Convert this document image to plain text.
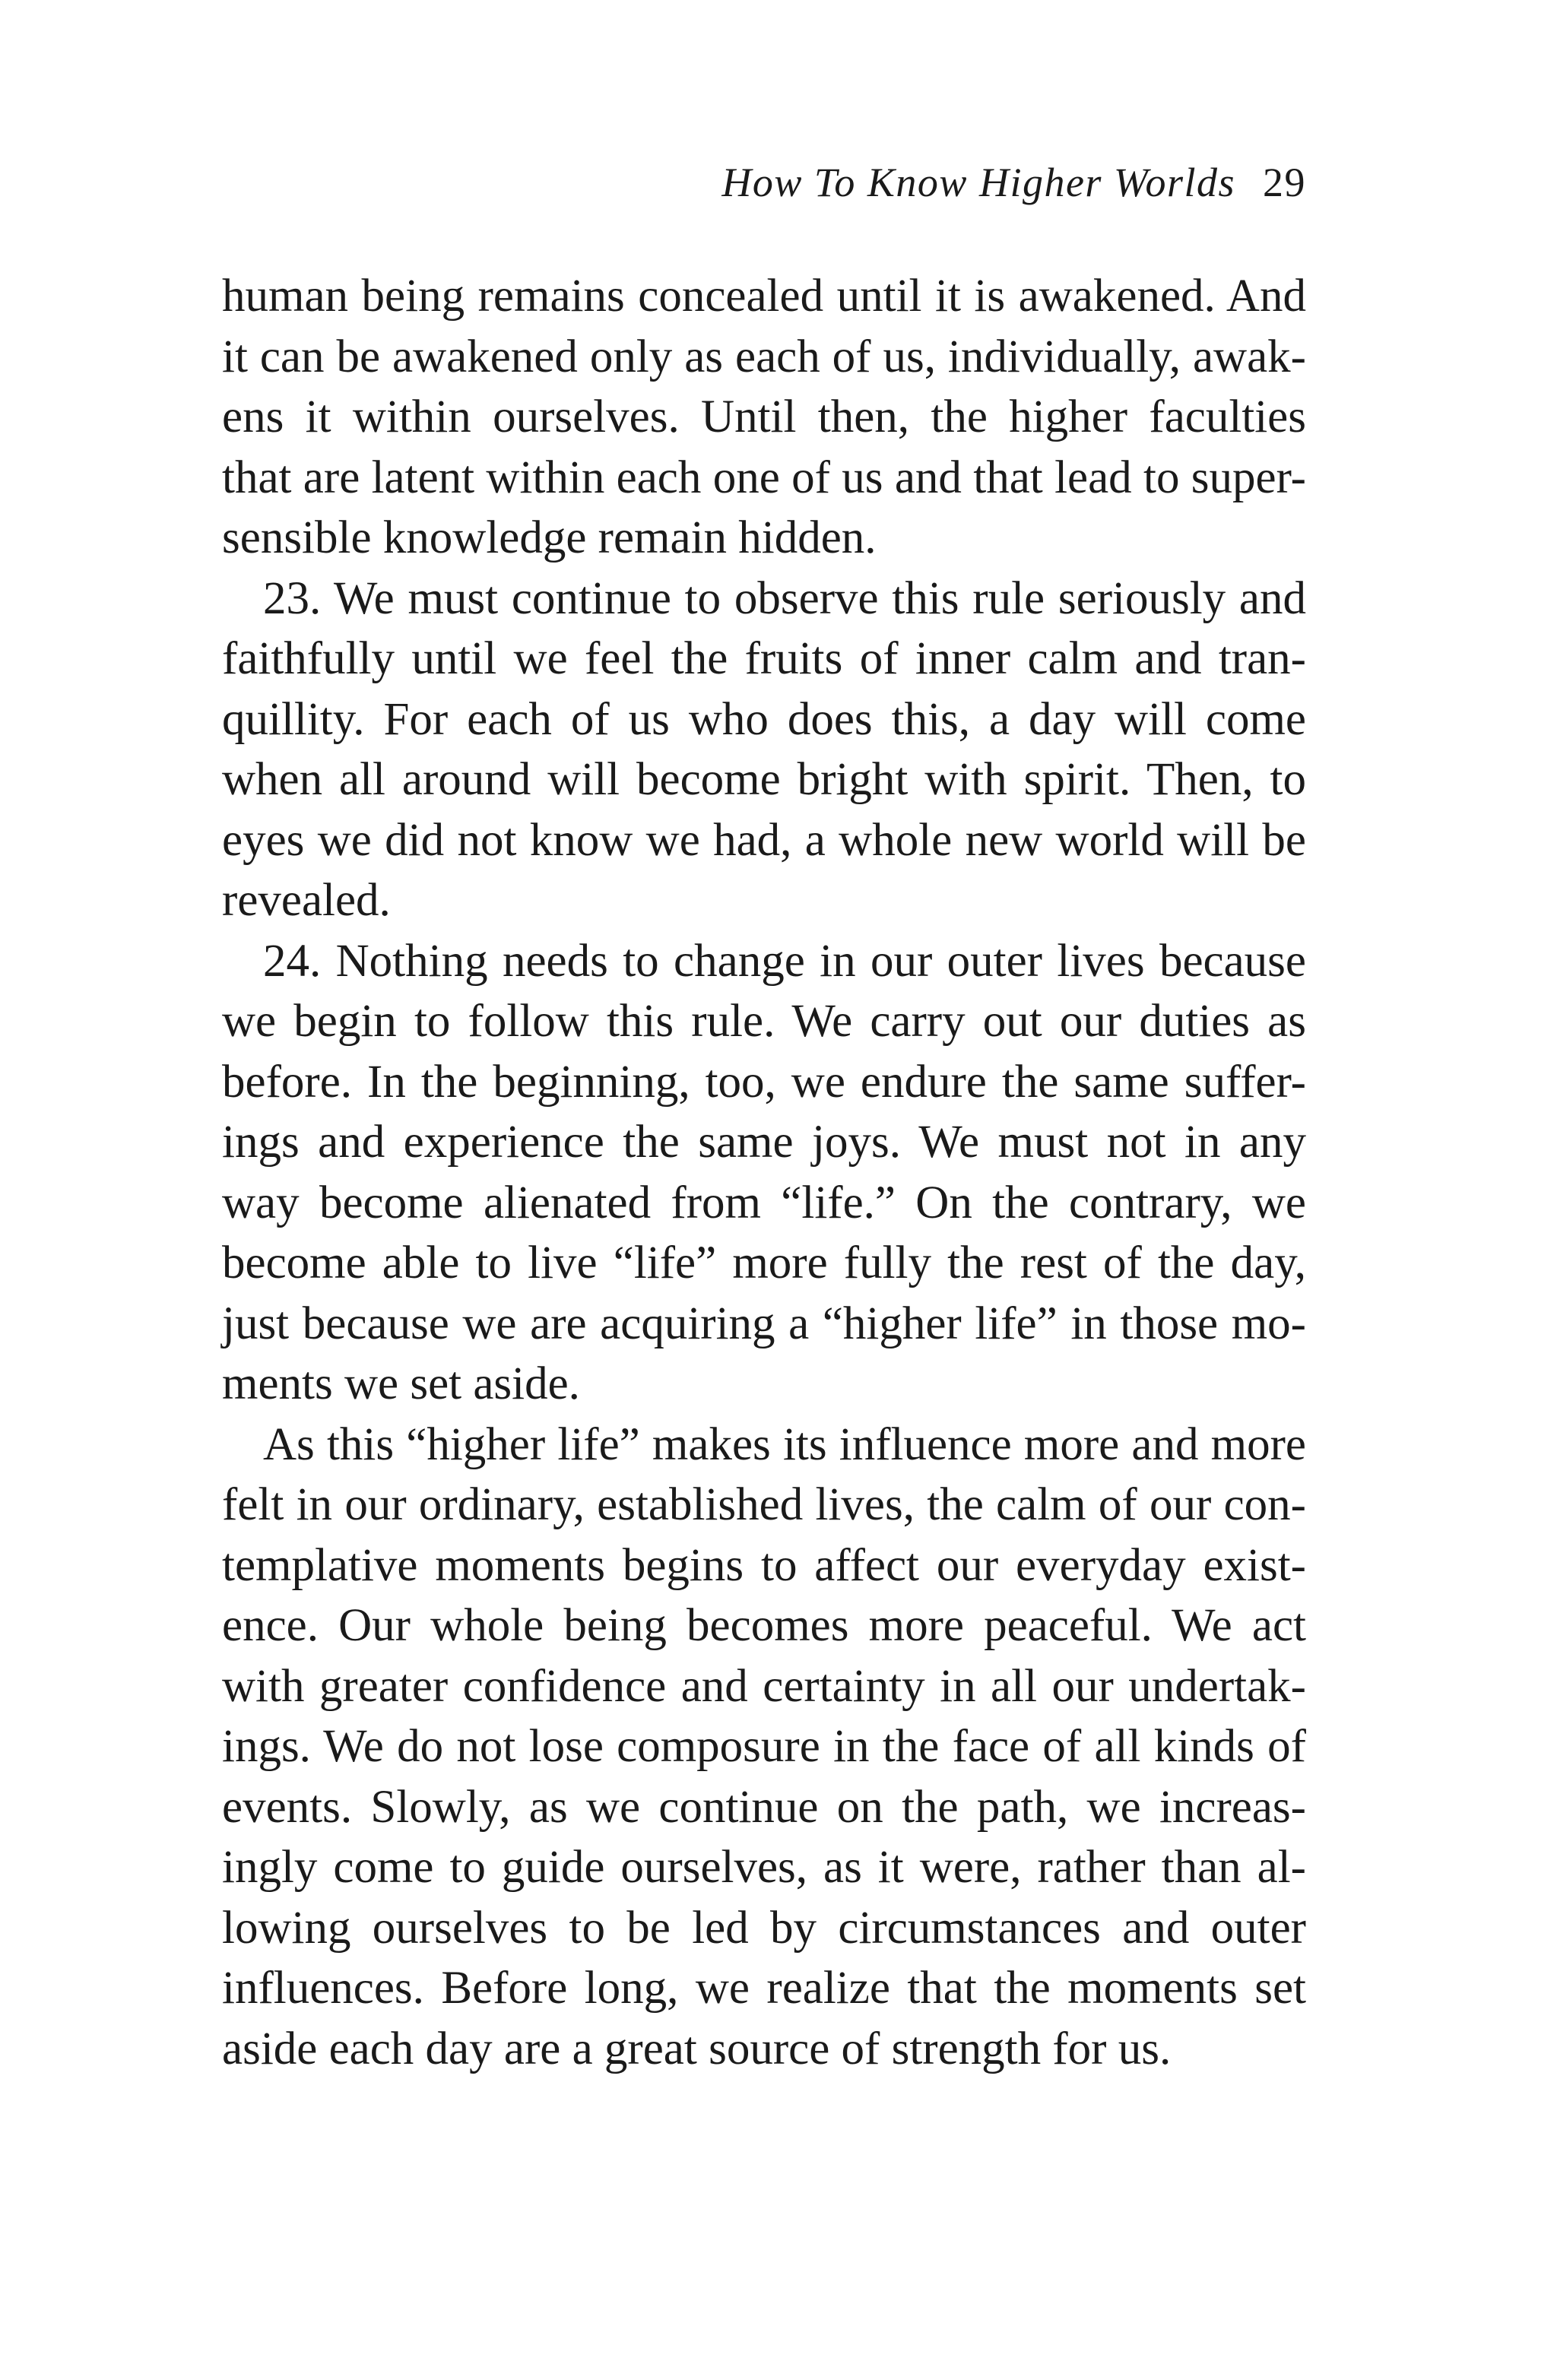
How To Know Higher Worlds 29
human being remains concealed until it is awakened. And
it can be awakened only as each of us, individually, awak-
ens it within ourselves. Until then, the higher faculties
that are latent within each one of us and that lead to super-
sensible knowledge remain hidden.
23. We must continue to observe this rule seriously and
faithfully until we feel the fruits of inner calm and tran-
quillity. For each of us who does this, a day will come
when all around will become bright with spirit. Then, to
eyes we did not know we had, a whole new world will be
revealed.
24. Nothing needs to change in our outer lives because
we begin to follow this rule. We carry out our duties as
before. In the beginning, too, we endure the same suffer-
ings and experience the same joys. We must not in any
way become alienated from “life.” On the contrary, we
become able to live “life” more fully the rest of the day,
just because we are acquiring a “higher life” in those mo-
ments we set aside.
As this “higher life” makes its influence more and more
felt in our ordinary, established lives, the calm of our con-
templative moments begins to affect our everyday exist-
ence. Our whole being becomes more peaceful. We act
with greater confidence and certainty in all our undertak-
ings. We do not lose composure in the face of all kinds of
events. Slowly, as we continue on the path, we increas-
ingly come to guide ourselves, as it were, rather than al-
lowing ourselves to be led by circumstances and outer
influences. Before long, we realize that the moments set
aside each day are a great source of strength for us.
